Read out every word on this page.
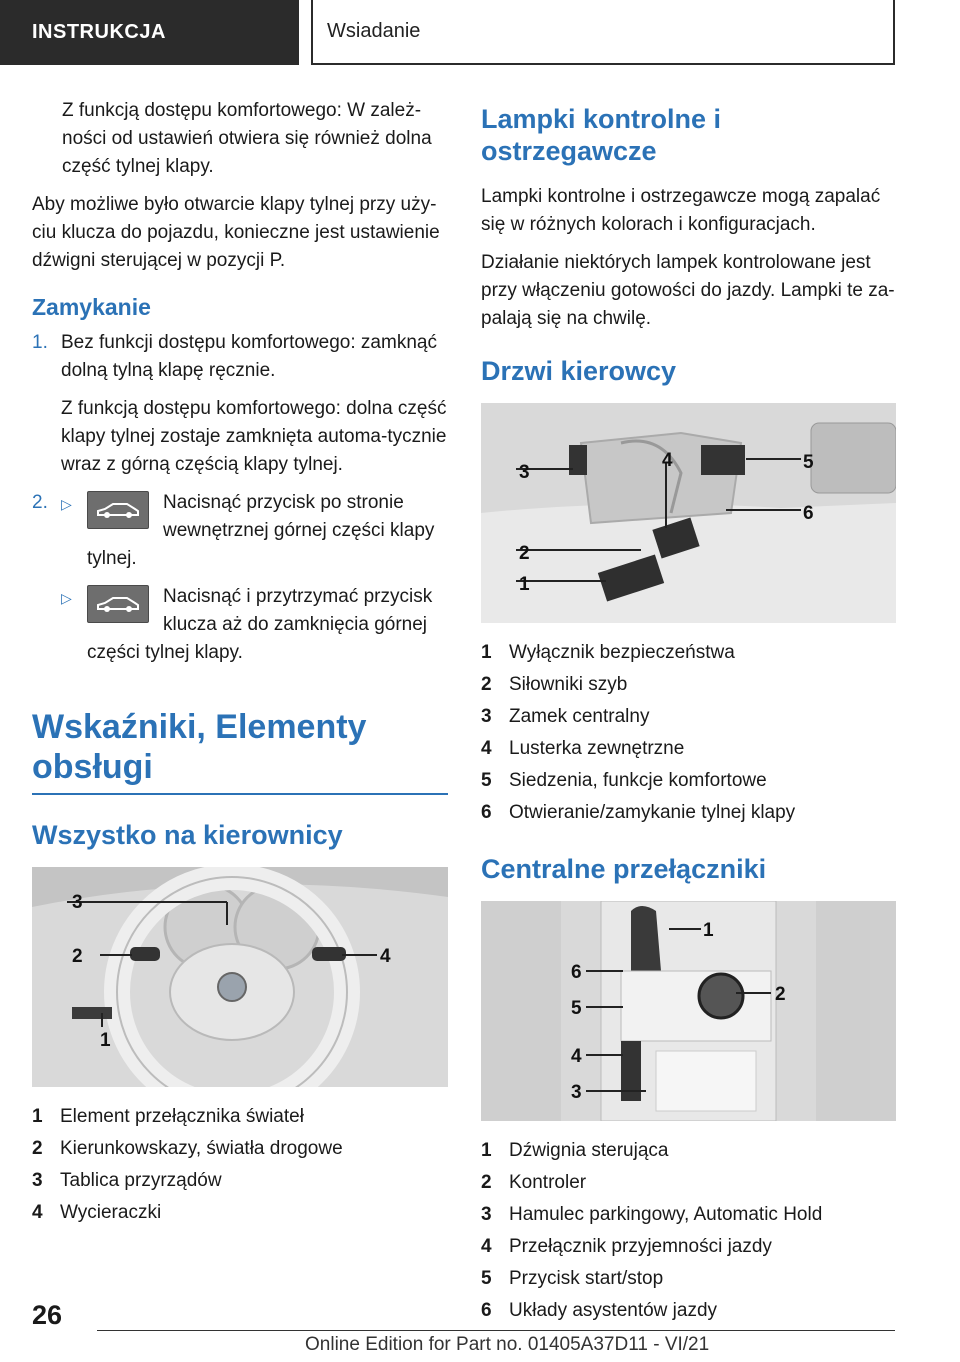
INSTRUKCJA	Wsiadanie

Z funkcją dostępu komfortowego: W zależ-ności od ustawień otwiera się również dolna część tylnej klapy.

Aby możliwe było otwarcie klapy tylnej przy uży-ciu klucza do pojazdu, konieczne jest ustawienie dźwigni sterującej w pozycji P.

Zamykanie
1. Bez funkcji dostępu komfortowego: zamknąć dolną tylną klapę ręcznie.

Z funkcją dostępu komfortowego: dolna część klapy tylnej zostaje zamknięta automa-tycznie wraz z górną częścią klapy tylnej.

2. ▷	Nacisnąć przycisk po stronie wewnętrznej górnej części klapy tylnej.
▷	Nacisnąć i przytrzymać przycisk klucza aż do zamknięcia górnej części tylnej klapy.
Wskaźniki, Elementy obsługi
Wszystko na kierownicy
1
2
3
4
1 Element przełącznika świateł
2 Kierunkowskazy, światła drogowe
3 Tablica przyrządów
4 Wycieraczki
Lampki kontrolne i ostrzegawcze

Lampki kontrolne i ostrzegawcze mogą zapalać się w różnych kolorach i konfiguracjach.

Działanie niektórych lampek kontrolowane jest przy włączeniu gotowości do jazdy. Lampki te za-palają się na chwilę.

Drzwi kierowcy
1
2
3
4	5
6
1 Wyłącznik bezpieczeństwa
2 Siłowniki szyb
3 Zamek centralny
4 Lusterka zewnętrzne
5 Siedzenia, funkcje komfortowe
6 Otwieranie/zamykanie tylnej klapy
Centralne przełączniki
1
2
3
4
5
6
1 Dźwignia sterująca
2 Kontroler
3 Hamulec parkingowy, Automatic Hold
4 Przełącznik przyjemności jazdy
5 Przycisk start/stop
6 Układy asystentów jazdy
26
Online Edition for Part no. 01405A37D11 - VI/21
